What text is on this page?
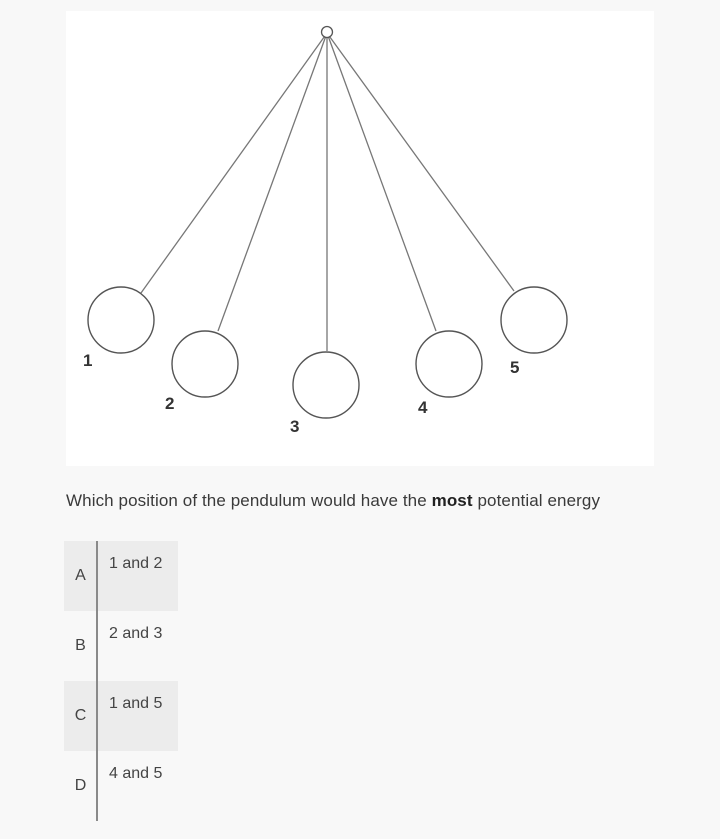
1
2
3
4
5
Which position of the pendulum would have the most potential energy
A
1 and 2
B
2 and 3
C
1 and 5
D
4 and 5
